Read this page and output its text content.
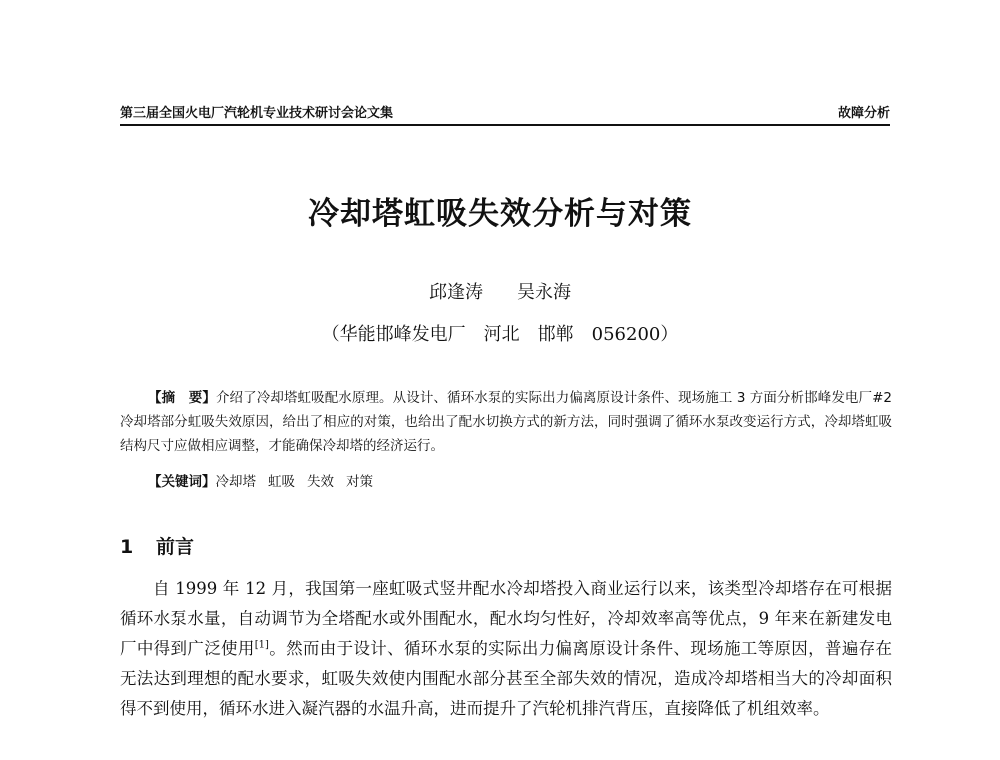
第三届全国火电厂汽轮机专业技术研讨会论文集	故障分析
冷却塔虹吸失效分析与对策
邱逢涛 吴永海
（华能邯峰发电厂　河北　邯郸　056200）
【摘　要】介绍了冷却塔虹吸配水原理。从设计、循环水泵的实际出力偏离原设计条件、现场施工 3 方面分析邯峰发电厂#2 冷却塔部分虹吸失效原因，给出了相应的对策，也给出了配水切换方式的新方法，同时强调了循环水泵改变运行方式，冷却塔虹吸结构尺寸应做相应调整，才能确保冷却塔的经济运行。
【关键词】冷却塔 虹吸 失效 对策
1 前言
自 1999 年 12 月，我国第一座虹吸式竖井配水冷却塔投入商业运行以来，该类型冷却塔存在可根据循环水泵水量，自动调节为全塔配水或外围配水，配水均匀性好，冷却效率高等优点，9 年来在新建发电厂中得到广泛使用[1]。然而由于设计、循环水泵的实际出力偏离原设计条件、现场施工等原因，普遍存在无法达到理想的配水要求，虹吸失效使内围配水部分甚至全部失效的情况，造成冷却塔相当大的冷却面积得不到使用，循环水进入凝汽器的水温升高，进而提升了汽轮机排汽背压，直接降低了机组效率。
